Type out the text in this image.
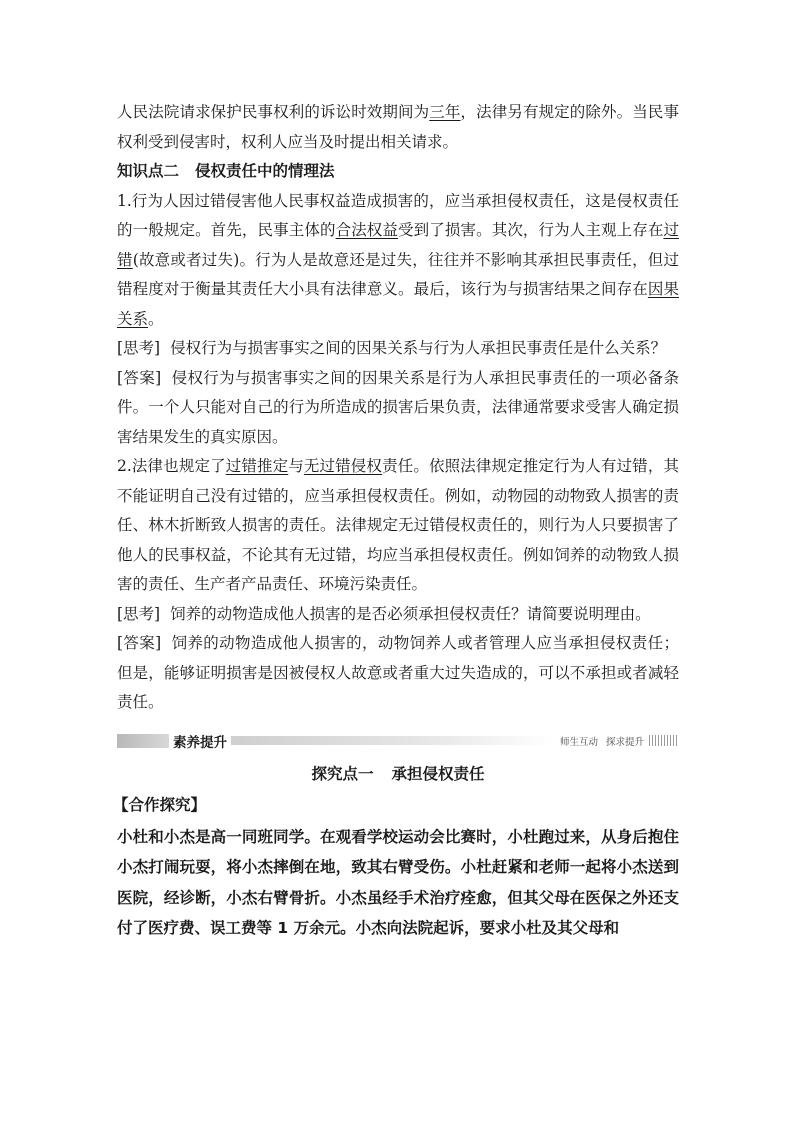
人民法院请求保护民事权利的诉讼时效期间为三年，法律另有规定的除外。当民事权利受到侵害时，权利人应当及时提出相关请求。

知识点二 侵权责任中的情理法

1.行为人因过错侵害他人民事权益造成损害的，应当承担侵权责任，这是侵权责任的一般规定。首先，民事主体的合法权益受到了损害。其次，行为人主观上存在过错(故意或者过失)。行为人是故意还是过失，往往并不影响其承担民事责任，但过错程度对于衡量其责任大小具有法律意义。最后，该行为与损害结果之间存在因果关系。

[思考] 侵权行为与损害事实之间的因果关系与行为人承担民事责任是什么关系？

[答案] 侵权行为与损害事实之间的因果关系是行为人承担民事责任的一项必备条件。一个人只能对自己的行为所造成的损害后果负责，法律通常要求受害人确定损害结果发生的真实原因。

2.法律也规定了过错推定与无过错侵权责任。依照法律规定推定行为人有过错，其不能证明自己没有过错的，应当承担侵权责任。例如，动物园的动物致人损害的责任、林木折断致人损害的责任。法律规定无过错侵权责任的，则行为人只要损害了他人的民事权益，不论其有无过错，均应当承担侵权责任。例如饲养的动物致人损害的责任、生产者产品责任、环境污染责任。

[思考] 饲养的动物造成他人损害的是否必须承担侵权责任？请简要说明理由。

[答案] 饲养的动物造成他人损害的，动物饲养人或者管理人应当承担侵权责任；但是，能够证明损害是因被侵权人故意或者重大过失造成的，可以不承担或者减轻责任。

素养提升	师生互动 探求提升
探究点一 承担侵权责任
【合作探究】

小杜和小杰是高一同班同学。在观看学校运动会比赛时，小杜跑过来，从身后抱住小杰打闹玩耍，将小杰摔倒在地，致其右臂受伤。小杜赶紧和老师一起将小杰送到医院，经诊断，小杰右臂骨折。小杰虽经手术治疗痊愈，但其父母在医保之外还支付了医疗费、误工费等 1 万余元。小杰向法院起诉，要求小杜及其父母和
